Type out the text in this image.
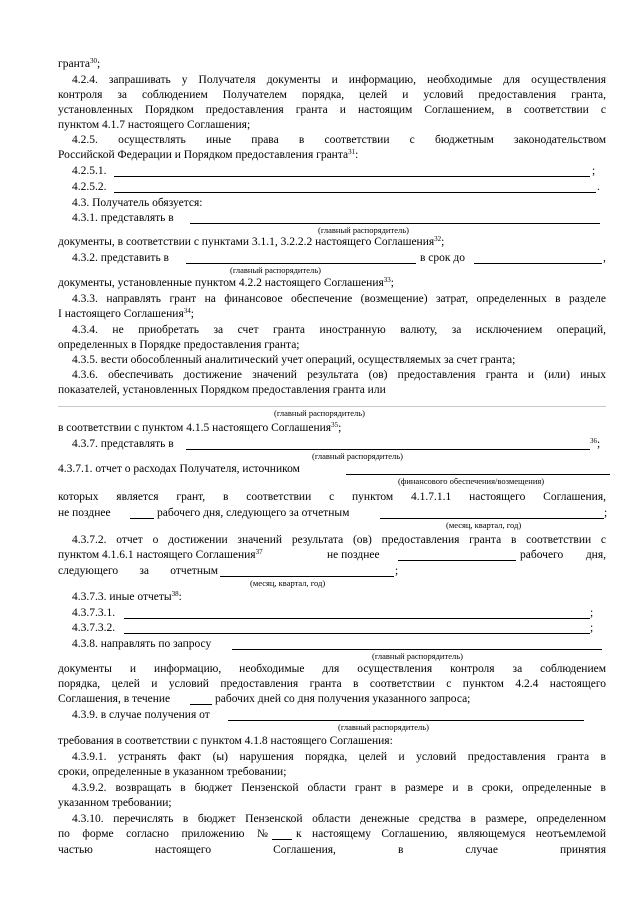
гранта$^{30}$;
4.2.4. запрашивать у Получателя документы и информацию, необходимые для осуществления
контроля за соблюдением Получателем порядка, целей и условий предоставления гранта,
установленных Порядком предоставления гранта и настоящим Соглашением, в соответствии с
пунктом 4.1.7 настоящего Соглашения;
4.2.5. осуществлять иные права в соответствии с бюджетным законодательством
Российской Федерации и Порядком предоставления гранта$^{31}$:
4.2.5.1.	;
4.2.5.2.	.
4.3. Получатель обязуется:
4.3.1. представлять в
(главный распорядитель)
документы, в соответствии с пунктами 3.1.1, 3.2.2.2 настоящего Соглашения$^{32}$;
4.3.2. представить в	в срок до	,
(главный распорядитель)
документы, установленные пунктом 4.2.2 настоящего Соглашения$^{33}$;
4.3.3. направлять грант на финансовое обеспечение (возмещение) затрат, определенных в разделе
I настоящего Соглашения$^{34}$;
4.3.4. не приобретать за счет гранта иностранную валюту, за исключением операций,
определенных в Порядке предоставления гранта;
4.3.5. вести обособленный аналитический учет операций, осуществляемых за счет гранта;
4.3.6. обеспечивать достижение значений результата (ов) предоставления гранта и (или) иных
показателей, установленных Порядком предоставления гранта или
(главный распорядитель)
в соответствии с пунктом 4.1.5 настоящего Соглашения$^{35}$;
4.3.7. представлять в	$^{36}$;
(главный распорядитель)
4.3.7.1. отчет о расходах Получателя, источником
(финансового обеспечения/возмещения)
которых является грант, в соответствии с пунктом 4.1.7.1.1 настоящего Соглашения,
не позднее	рабочего дня, следующего за отчетным	;
(месяц, квартал, год)
4.3.7.2. отчет о достижении значений результата (ов) предоставления гранта в соответствии с
пунктом 4.1.6.1 настоящего Соглашения$^{37}$	не позднее	рабочего дня,
следующего за отчетным	;
(месяц, квартал, год)
4.3.7.3. иные отчеты$^{38}$:
4.3.7.3.1.	;
4.3.7.3.2.	;
4.3.8. направлять по запросу
(главный распорядитель)
документы и информацию, необходимые для осуществления контроля за соблюдением
порядка, целей и условий предоставления гранта в соответствии с пунктом 4.2.4 настоящего
Соглашения, в течение	рабочих дней со дня получения указанного запроса;
4.3.9. в случае получения от
(главный распорядитель)
требования в соответствии с пунктом 4.1.8 настоящего Соглашения:
4.3.9.1. устранять факт (ы) нарушения порядка, целей и условий предоставления гранта в
сроки, определенные в указанном требовании;
4.3.9.2. возвращать в бюджет Пензенской области грант в размере и в сроки, определенные в
указанном требовании;
4.3.10. перечислять в бюджет Пензенской области денежные средства в размере, определенном
по форме согласно приложению № к настоящему Соглашению, являющемуся неотъемлемой
частью настоящего Соглашения, в случае принятия
